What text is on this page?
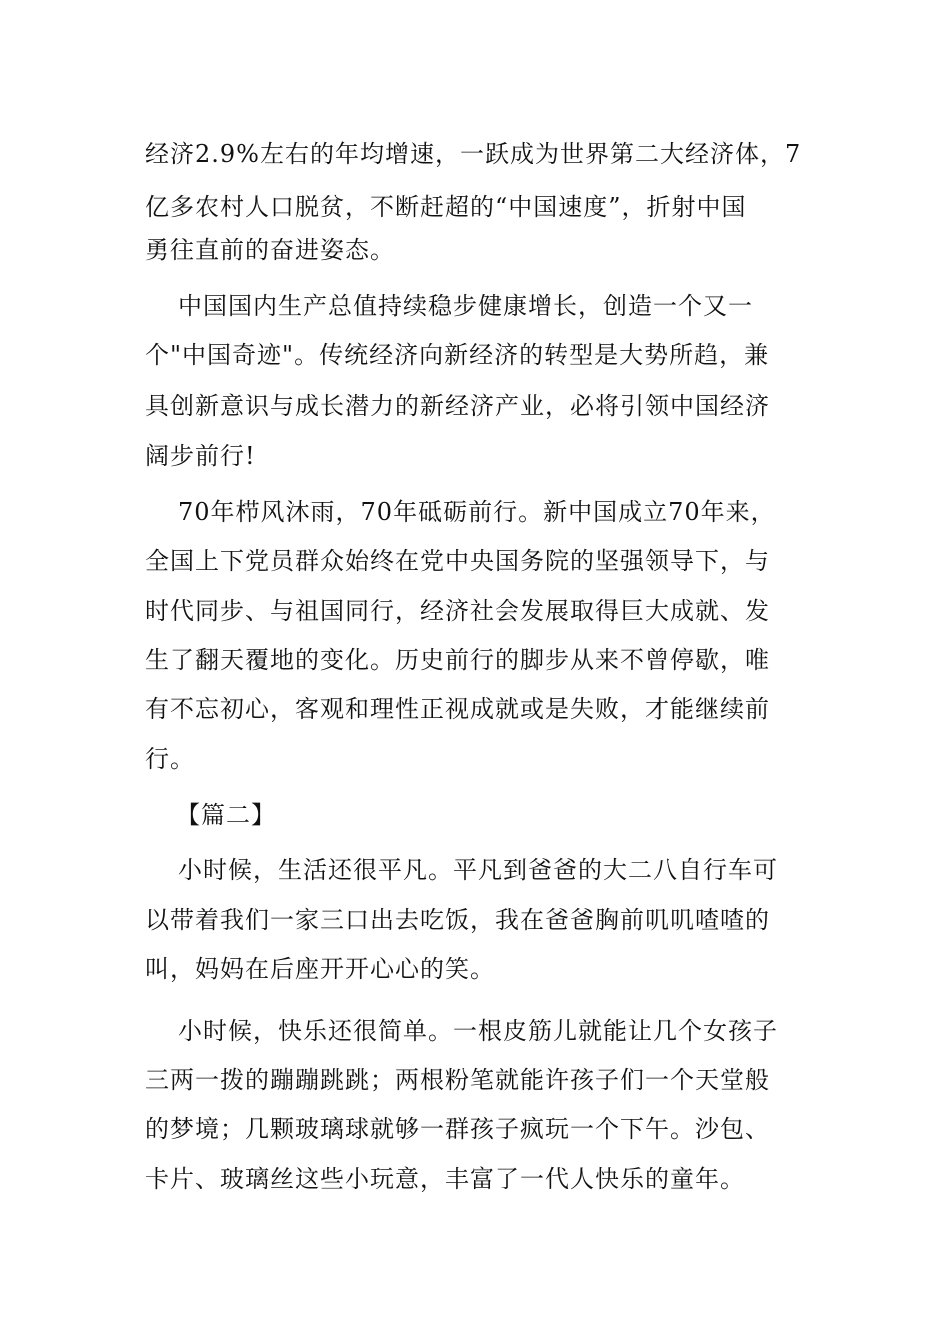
经济2.9%左右的年均增速，一跃成为世界第二大经济体，7
亿多农村人口脱贫，不断赶超的“中国速度”，折射中国
勇往直前的奋进姿态。
中国国内生产总值持续稳步健康增长，创造一个又一
个"中国奇迹"。传统经济向新经济的转型是大势所趋，兼
具创新意识与成长潜力的新经济产业，必将引领中国经济
阔步前行!
70年栉风沐雨，70年砥砺前行。新中国成立70年来，
全国上下党员群众始终在党中央国务院的坚强领导下，与
时代同步、与祖国同行，经济社会发展取得巨大成就、发
生了翻天覆地的变化。历史前行的脚步从来不曾停歇，唯
有不忘初心，客观和理性正视成就或是失败，才能继续前
行。
【篇二】
小时候，生活还很平凡。平凡到爸爸的大二八自行车可
以带着我们一家三口出去吃饭，我在爸爸胸前叽叽喳喳的
叫，妈妈在后座开开心心的笑。
小时候，快乐还很简单。一根皮筋儿就能让几个女孩子
三两一拨的蹦蹦跳跳；两根粉笔就能许孩子们一个天堂般
的梦境；几颗玻璃球就够一群孩子疯玩一个下午。沙包、
卡片、玻璃丝这些小玩意，丰富了一代人快乐的童年。
